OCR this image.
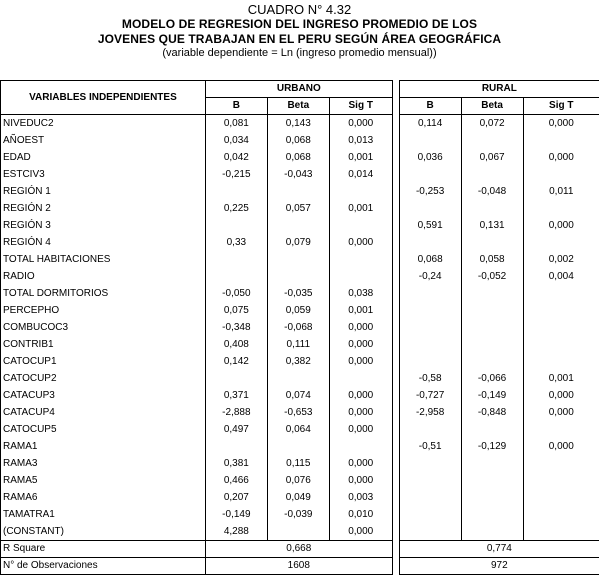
CUADRO N° 4.32
MODELO DE REGRESION DEL INGRESO PROMEDIO DE LOS
JOVENES QUE TRABAJAN EN EL PERU SEGÚN ÁREA GEOGRÁFICA
(variable dependiente = Ln (ingreso promedio mensual))
VARIABLES INDEPENDIENTES	URBANO				RURAL		
	B	Beta	Sig T		B	Beta	Sig T
NIVEDUC2	0,081	0,143	0,000		0,114	0,072	0,000
AÑOEST	0,034	0,068	0,013				
EDAD	0,042	0,068	0,001		0,036	0,067	0,000
ESTCIV3	-0,215	-0,043	0,014				
REGIÓN 1					-0,253	-0,048	0,011
REGIÓN 2	0,225	0,057	0,001				
REGIÓN 3					0,591	0,131	0,000
REGIÓN 4	0,33	0,079	0,000				
TOTAL HABITACIONES					0,068	0,058	0,002
RADIO					-0,24	-0,052	0,004
TOTAL DORMITORIOS	-0,050	-0,035	0,038				
PERCEPHO	0,075	0,059	0,001				
COMBUCOC3	-0,348	-0,068	0,000				
CONTRIB1	0,408	0,111	0,000				
CATOCUP1	0,142	0,382	0,000				
CATOCUP2					-0,58	-0,066	0,001
CATACUP3	0,371	0,074	0,000		-0,727	-0,149	0,000
CATACUP4	-2,888	-0,653	0,000		-2,958	-0,848	0,000
CATOCUP5	0,497	0,064	0,000				
RAMA1					-0,51	-0,129	0,000
RAMA3	0,381	0,115	0,000				
RAMA5	0,466	0,076	0,000				
RAMA6	0,207	0,049	0,003				
TAMATRA1	-0,149	-0,039	0,010				
(CONSTANT)	4,288		0,000				
R Square	0,668				0,774		
N° de Observaciones	1608				972		
